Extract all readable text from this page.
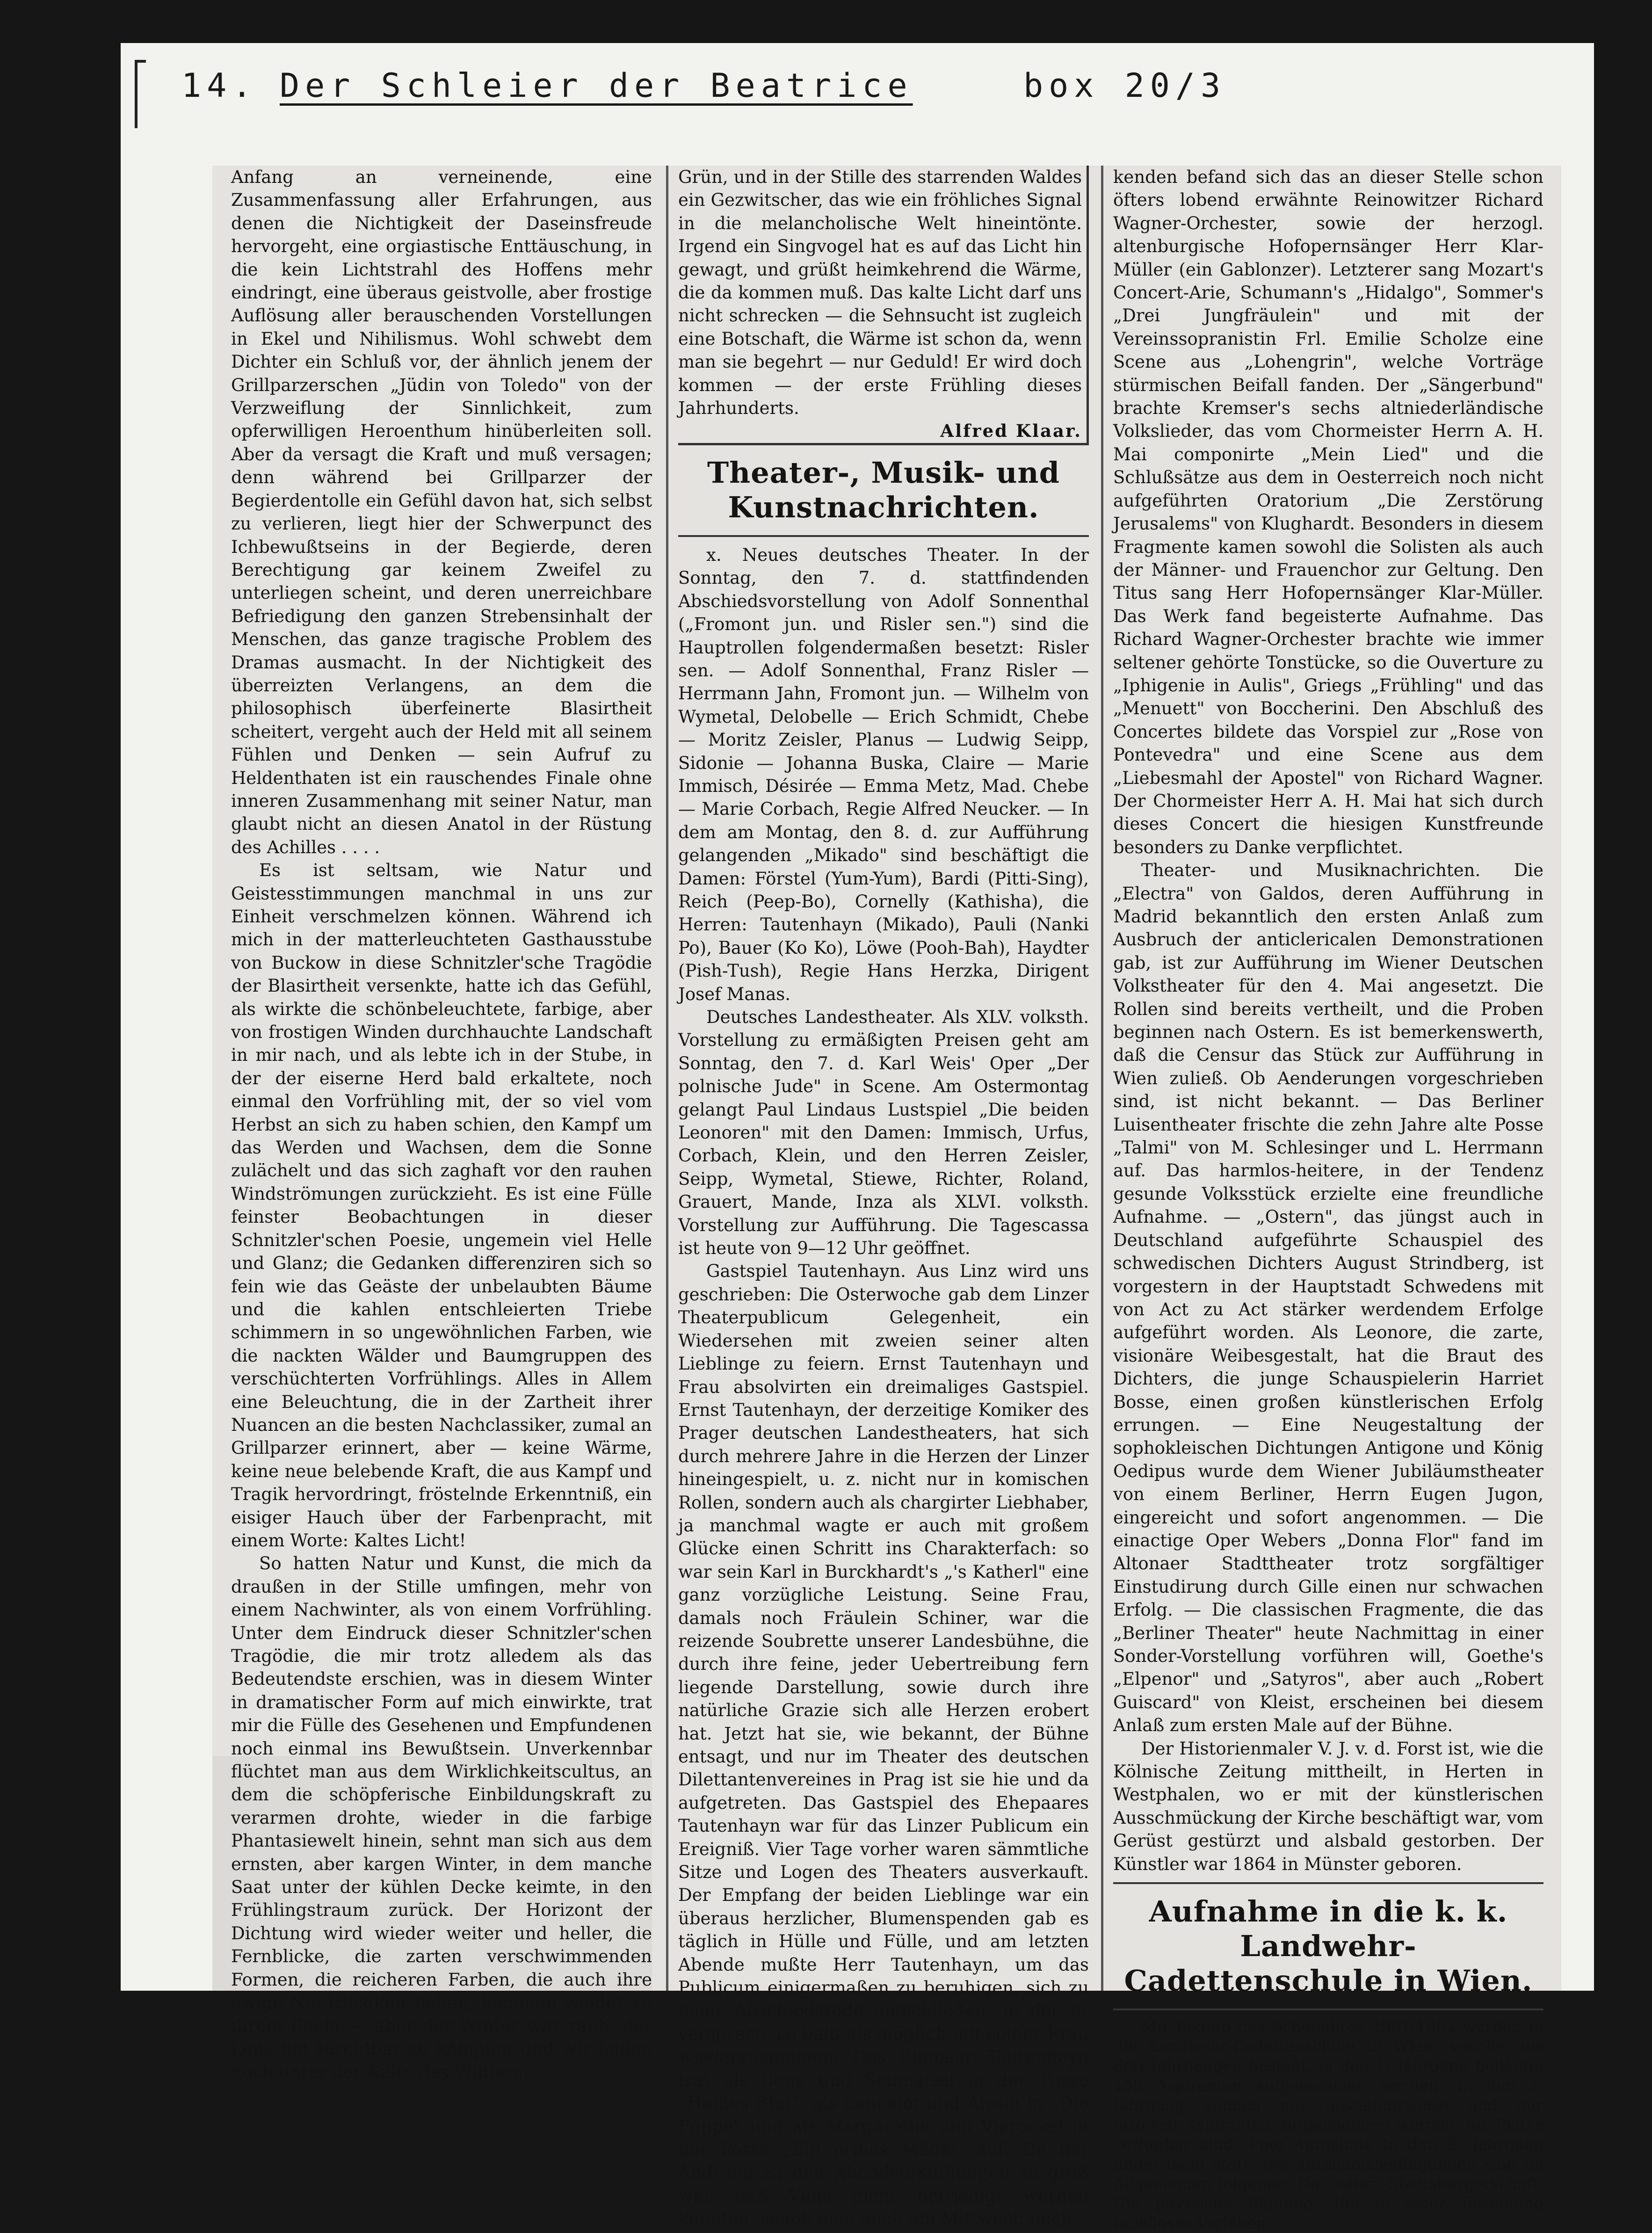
14. Der Schleier der Beatrice	box 20/3

Anfang an verneinende, eine Zusammenfassung aller Erfahrungen, aus denen die Nichtigkeit der Daseinsfreude hervorgeht, eine orgiastische Enttäuschung, in die kein Lichtstrahl des Hoffens mehr eindringt, eine überaus geistvolle, aber frostige Auflösung aller berauschenden Vorstellungen in Ekel und Nihilismus. Wohl schwebt dem Dichter ein Schluß vor, der ähnlich jenem der Grillparzerschen „Jüdin von Toledo" von der Verzweiflung der Sinnlichkeit, zum opferwilligen Heroenthum hinüberleiten soll. Aber da versagt die Kraft und muß versagen; denn während bei Grillparzer der Begierdentolle ein Gefühl davon hat, sich selbst zu verlieren, liegt hier der Schwerpunct des Ichbewußtseins in der Begierde, deren Berechtigung gar keinem Zweifel zu unterliegen scheint, und deren unerreichbare Befriedigung den ganzen Strebensinhalt der Menschen, das ganze tragische Problem des Dramas ausmacht. In der Nichtigkeit des überreizten Verlangens, an dem die philosophisch überfeinerte Blasirtheit scheitert, vergeht auch der Held mit all seinem Fühlen und Denken — sein Aufruf zu Heldenthaten ist ein rauschendes Finale ohne inneren Zusammenhang mit seiner Natur, man glaubt nicht an diesen Anatol in der Rüstung des Achilles . . . .

Es ist seltsam, wie Natur und Geistesstimmungen manchmal in uns zur Einheit verschmelzen können. Während ich mich in der matterleuchteten Gasthausstube von Buckow in diese Schnitzler'sche Tragödie der Blasirtheit versenkte, hatte ich das Gefühl, als wirkte die schönbeleuchtete, farbige, aber von frostigen Winden durchhauchte Landschaft in mir nach, und als lebte ich in der Stube, in der der eiserne Herd bald erkaltete, noch einmal den Vorfrühling mit, der so viel vom Herbst an sich zu haben schien, den Kampf um das Werden und Wachsen, dem die Sonne zulächelt und das sich zaghaft vor den rauhen Windströmungen zurückzieht. Es ist eine Fülle feinster Beobachtungen in dieser Schnitzler'schen Poesie, ungemein viel Helle und Glanz; die Gedanken differenziren sich so fein wie das Geäste der unbelaubten Bäume und die kahlen entschleierten Triebe schimmern in so ungewöhnlichen Farben, wie die nackten Wälder und Baumgruppen des verschüchterten Vorfrühlings. Alles in Allem eine Beleuchtung, die in der Zartheit ihrer Nuancen an die besten Nachclassiker, zumal an Grillparzer erinnert, aber — keine Wärme, keine neue belebende Kraft, die aus Kampf und Tragik hervordringt, fröstelnde Erkenntniß, ein eisiger Hauch über der Farbenpracht, mit einem Worte: Kaltes Licht!

So hatten Natur und Kunst, die mich da draußen in der Stille umfingen, mehr von einem Nachwinter, als von einem Vorfrühling. Unter dem Eindruck dieser Schnitzler'schen Tragödie, die mir trotz alledem als das Bedeutendste erschien, was in diesem Winter in dramatischer Form auf mich einwirkte, trat mir die Fülle des Gesehenen und Empfundenen noch einmal ins Bewußtsein. Unverkennbar flüchtet man aus dem Wirklichkeitscultus, an dem die schöpferische Einbildungskraft zu verarmen drohte, wieder in die farbige Phantasiewelt hinein, sehnt man sich aus dem ernsten, aber kargen Winter, in dem manche Saat unter der kühlen Decke keimte, in den Frühlingstraum zurück. Der Horizont der Dichtung wird wieder weiter und heller, die Fernblicke, die zarten verschwimmenden Formen, die reicheren Farben, die auch ihre ewige Natürlichkeit haben, kommen wieder zu ihrem Recht — aber der Winter war rauh, der Lenz hat furchtbar zu kämpfen und wir leiden noch unter der Kälte des Winters.

Grün, und in der Stille des starrenden Waldes ein Gezwitscher, das wie ein fröhliches Signal in die melancholische Welt hineintönte. Irgend ein Singvogel hat es auf das Licht hin gewagt, und grüßt heimkehrend die Wärme, die da kommen muß. Das kalte Licht darf uns nicht schrecken — die Sehnsucht ist zugleich eine Botschaft, die Wärme ist schon da, wenn man sie begehrt — nur Geduld! Er wird doch kommen — der erste Frühling dieses Jahrhunderts.

Alfred Klaar.

Theater-, Musik- und Kunstnachrichten.

x. Neues deutsches Theater. In der Sonntag, den 7. d. stattfindenden Abschiedsvorstellung von Adolf Sonnenthal („Fromont jun. und Risler sen.") sind die Hauptrollen folgendermaßen besetzt: Risler sen. — Adolf Sonnenthal, Franz Risler — Herrmann Jahn, Fromont jun. — Wilhelm von Wymetal, Delobelle — Erich Schmidt, Chebe — Moritz Zeisler, Planus — Ludwig Seipp, Sidonie — Johanna Buska, Claire — Marie Immisch, Désirée — Emma Metz, Mad. Chebe — Marie Corbach, Regie Alfred Neucker. — In dem am Montag, den 8. d. zur Aufführung gelangenden „Mikado" sind beschäftigt die Damen: Förstel (Yum-Yum), Bardi (Pitti-Sing), Reich (Peep-Bo), Cornelly (Kathisha), die Herren: Tautenhayn (Mikado), Pauli (Nanki Po), Bauer (Ko Ko), Löwe (Pooh-Bah), Haydter (Pish-Tush), Regie Hans Herzka, Dirigent Josef Manas.

Deutsches Landestheater. Als XLV. volksth. Vorstellung zu ermäßigten Preisen geht am Sonntag, den 7. d. Karl Weis' Oper „Der polnische Jude" in Scene. Am Ostermontag gelangt Paul Lindaus Lustspiel „Die beiden Leonoren" mit den Damen: Immisch, Urfus, Corbach, Klein, und den Herren Zeisler, Seipp, Wymetal, Stiewe, Richter, Roland, Grauert, Mande, Inza als XLVI. volksth. Vorstellung zur Aufführung. Die Tagescassa ist heute von 9—12 Uhr geöffnet.

Gastspiel Tautenhayn. Aus Linz wird uns geschrieben: Die Osterwoche gab dem Linzer Theaterpublicum Gelegenheit, ein Wiedersehen mit zweien seiner alten Lieblinge zu feiern. Ernst Tautenhayn und Frau absolvirten ein dreimaliges Gastspiel. Ernst Tautenhayn, der derzeitige Komiker des Prager deutschen Landestheaters, hat sich durch mehrere Jahre in die Herzen der Linzer hineingespielt, u. z. nicht nur in komischen Rollen, sondern auch als chargirter Liebhaber, ja manchmal wagte er auch mit großem Glücke einen Schritt ins Charakterfach: so war sein Karl in Burckhardt's „'s Katherl" eine ganz vorzügliche Leistung. Seine Frau, damals noch Fräulein Schiner, war die reizende Soubrette unserer Landesbühne, die durch ihre feine, jeder Uebertreibung fern liegende Darstellung, sowie durch ihre natürliche Grazie sich alle Herzen erobert hat. Jetzt hat sie, wie bekannt, der Bühne entsagt, und nur im Theater des deutschen Dilettantenvereines in Prag ist sie hie und da aufgetreten. Das Gastspiel des Ehepaares Tautenhayn war für das Linzer Publicum ein Ereigniß. Vier Tage vorher waren sämmtliche Sitze und Logen des Theaters ausverkauft. Der Empfang der beiden Lieblinge war ein überaus herzlicher, Blumenspenden gab es täglich in Hülle und Fülle, und am letzten Abende mußte Herr Tautenhayn, um das Publicum einigermaßen zu beruhigen, sich zu einer Abschiedsrede entschließen, in der er versprach, so bald als möglich mit seiner Frau wiederzukommen. Das Ehepaar Tautenhayn trat als Ilona und Schmalzel in der Posse „Heißes Blut", als Lancelot und Alesia in „Die Puppe" und als Margarethe und Vieröckel in der Posse „Ein armes Mädel" auf. Da der Andrang zu den Abendvorstellungen so groß war, daß Viele nicht befriedigt werden konnten, schob man auch am Mittwoch noch

kenden befand sich das an dieser Stelle schon öfters lobend erwähnte Reinowitzer Richard Wagner-Orchester, sowie der herzogl. altenburgische Hofopernsänger Herr Klar-Müller (ein Gablonzer). Letzterer sang Mozart's Concert-Arie, Schumann's „Hidalgo", Sommer's „Drei Jungfräulein" und mit der Vereinssopranistin Frl. Emilie Scholze eine Scene aus „Lohengrin", welche Vorträge stürmischen Beifall fanden. Der „Sängerbund" brachte Kremser's sechs altniederländische Volkslieder, das vom Chormeister Herrn A. H. Mai componirte „Mein Lied" und die Schlußsätze aus dem in Oesterreich noch nicht aufgeführten Oratorium „Die Zerstörung Jerusalems" von Klughardt. Besonders in diesem Fragmente kamen sowohl die Solisten als auch der Männer- und Frauenchor zur Geltung. Den Titus sang Herr Hofopernsänger Klar-Müller. Das Werk fand begeisterte Aufnahme. Das Richard Wagner-Orchester brachte wie immer seltener gehörte Tonstücke, so die Ouverture zu „Iphigenie in Aulis", Griegs „Frühling" und das „Menuett" von Boccherini. Den Abschluß des Concertes bildete das Vorspiel zur „Rose von Pontevedra" und eine Scene aus dem „Liebesmahl der Apostel" von Richard Wagner. Der Chormeister Herr A. H. Mai hat sich durch dieses Concert die hiesigen Kunstfreunde besonders zu Danke verpflichtet.

Theater- und Musiknachrichten. Die „Electra" von Galdos, deren Aufführung in Madrid bekanntlich den ersten Anlaß zum Ausbruch der anticlericalen Demonstrationen gab, ist zur Aufführung im Wiener Deutschen Volkstheater für den 4. Mai angesetzt. Die Rollen sind bereits vertheilt, und die Proben beginnen nach Ostern. Es ist bemerkenswerth, daß die Censur das Stück zur Aufführung in Wien zuließ. Ob Aenderungen vorgeschrieben sind, ist nicht bekannt. — Das Berliner Luisentheater frischte die zehn Jahre alte Posse „Talmi" von M. Schlesinger und L. Herrmann auf. Das harmlos-heitere, in der Tendenz gesunde Volksstück erzielte eine freundliche Aufnahme. — „Ostern", das jüngst auch in Deutschland aufgeführte Schauspiel des schwedischen Dichters August Strindberg, ist vorgestern in der Hauptstadt Schwedens mit von Act zu Act stärker werdendem Erfolge aufgeführt worden. Als Leonore, die zarte, visionäre Weibesgestalt, hat die Braut des Dichters, die junge Schauspielerin Harriet Bosse, einen großen künstlerischen Erfolg errungen. — Eine Neugestaltung der sophokleischen Dichtungen Antigone und König Oedipus wurde dem Wiener Jubiläumstheater von einem Berliner, Herrn Eugen Jugon, eingereicht und sofort angenommen. — Die einactige Oper Webers „Donna Flor" fand im Altonaer Stadttheater trotz sorgfältiger Einstudirung durch Gille einen nur schwachen Erfolg. — Die classischen Fragmente, die das „Berliner Theater" heute Nachmittag in einer Sonder-Vorstellung vorführen will, Goethe's „Elpenor" und „Satyros", aber auch „Robert Guiscard" von Kleist, erscheinen bei diesem Anlaß zum ersten Male auf der Bühne.

Der Historienmaler V. J. v. d. Forst ist, wie die Kölnische Zeitung mittheilt, in Herten in Westphalen, wo er mit der künstlerischen Ausschmückung der Kirche beschäftigt war, vom Gerüst gestürzt und alsbald gestorben. Der Künstler war 1864 in Münster geboren.

Aufnahme in die k. k. Landwehr-Cadettenschule in Wien.

Mit Beginn des Schuljahres 1901/1902 werden in die Landwehr-Cadettenschule in Wien, welche aus drei Jahrgängen besteht, in den 1. Jahrgang beiläufig 150 Aspiranten aufgenommen werden. In den 2. Jahrgang können nur ausnahmsweise und nur insoweit Aspiranten aufgenommen werden, als Plätze verfügbar sind. Eine Aufnahme in den 3. Jahrgang findet nicht statt. Die Aufnahmsbedingungen sind im Allgemeinen folgende: Die österr. Staatsbürgerschaft. Die physische Eignung. Ein in jeder Beziehung tadelloses Vorleben.
